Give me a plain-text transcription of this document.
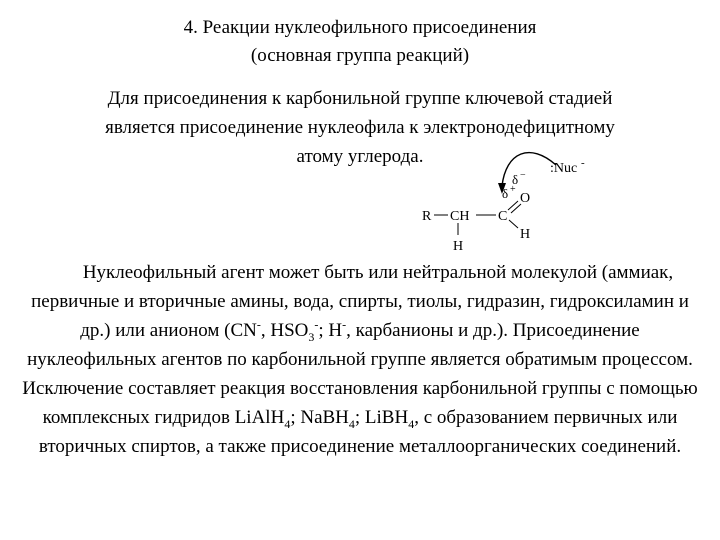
4. Реакции нуклеофильного присоединения
(основная группа реакций)
Для присоединения к карбонильной группе ключевой стадией
является присоединение нуклеофила к электронодефицитному
атому углерода.
:Nuc -
δ +
δ −
R CH C
O
H
H
Нуклеофильный агент может быть или нейтральной молекулой (аммиак, первичные и вторичные амины, вода, спирты, тиолы, гидразин, гидроксиламин и др.) или анионом (CN-, $HSO_3^-$; H-, карбанионы и др.). Присоединение нуклеофильных агентов по карбонильной группе является обратимым процессом. Исключение составляет реакция восстановления карбонильной группы с помощью комплексных гидридов LiAlH$_4$; NaBH$_4$; LiBH$_4$, с образованием первичных или вторичных спиртов, а также присоединение металлоорганических соединений.
